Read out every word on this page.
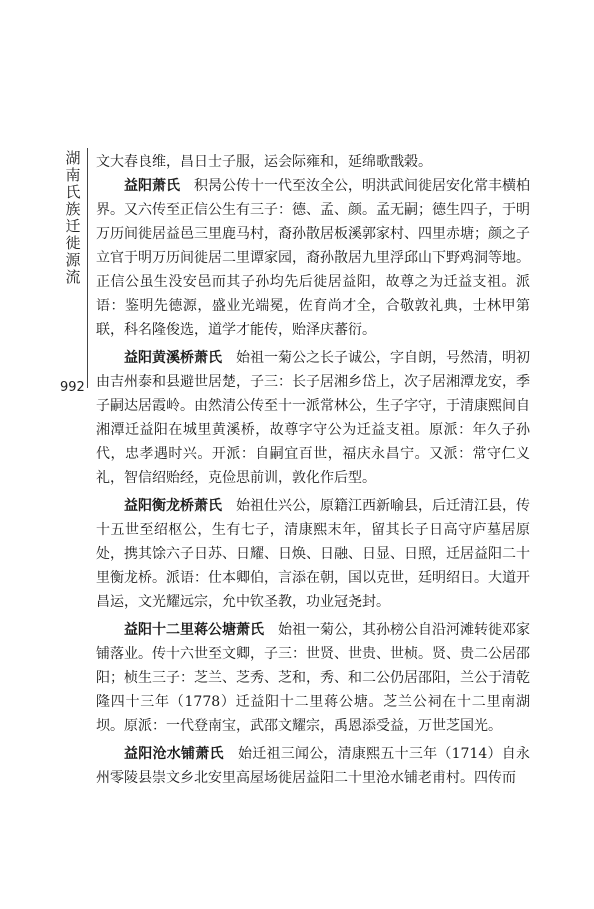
湖南氏族迁徙源流
992

文大春良维，昌日士子服，运会际雍和，延绵歌戬榖。

益阳萧氏　 积昺公传十一代至汝全公，明洪武间徙居安化常丰横柏界。又六传至正信公生有三子：德、孟、颜。孟无嗣；德生四子，于明万历间徙居益邑三里鹿马村，裔孙散居板溪郭家村、四里赤塘；颜之子立官于明万历间徙居二里谭家园，裔孙散居九里浮邱山下野鸡洞等地。正信公虽生没安邑而其子孙均先后徙居益阳，故尊之为迁益支祖。派语：鉴明先德源，盛业光端冕，佐育尚才全，合敬敦礼典，士林甲第联，科名隆俊选，道学才能传，贻泽庆蕃衍。

益阳黄溪桥萧氏　 始祖一菊公之长子诚公，字自朗，号然清，明初由吉州泰和县避世居楚，子三：长子居湘乡岱上，次子居湘潭龙安，季子嗣达居霞岭。由然清公传至十一派常林公，生子字守，于清康熙间自湘潭迁益阳在城里黄溪桥，故尊字守公为迁益支祖。原派：年久子孙代，忠孝遇时兴。开派：自嗣宜百世，福庆永昌宁。又派：常守仁义礼，智信绍贻经，克俭思前训，敦化作后型。

益阳衡龙桥萧氏　 始祖仕兴公，原籍江西新喻县，后迁清江县，传十五世至绍枢公，生有七子，清康熙末年，留其长子日高守庐墓居原处，携其馀六子日苏、日耀、日焕、日融、日显、日照，迁居益阳二十里衡龙桥。派语：仕本卿伯，言添在朝，国以克世，廷明绍日。大道开昌运，文光耀远宗，允中钦圣教，功业冠尧封。

益阳十二里蒋公塘萧氏　 始祖一菊公，其孙榜公自沿河滩转徙邓家铺落业。传十六世至文卿，子三：世贤、世贵、世桢。贤、贵二公居邵阳；桢生三子：芝兰、芝秀、芝和，秀、和二公仍居邵阳，兰公于清乾隆四十三年（1778）迁益阳十二里蒋公塘。芝兰公祠在十二里南湖坝。原派：一代登南宝，武邵文耀宗，禹恩添受益，万世芝国光。

益阳沧水铺萧氏　 始迁祖三闻公，清康熙五十三年（1714）自永州零陵县崇文乡北安里高屋场徙居益阳二十里沧水铺老甫村。四传而
